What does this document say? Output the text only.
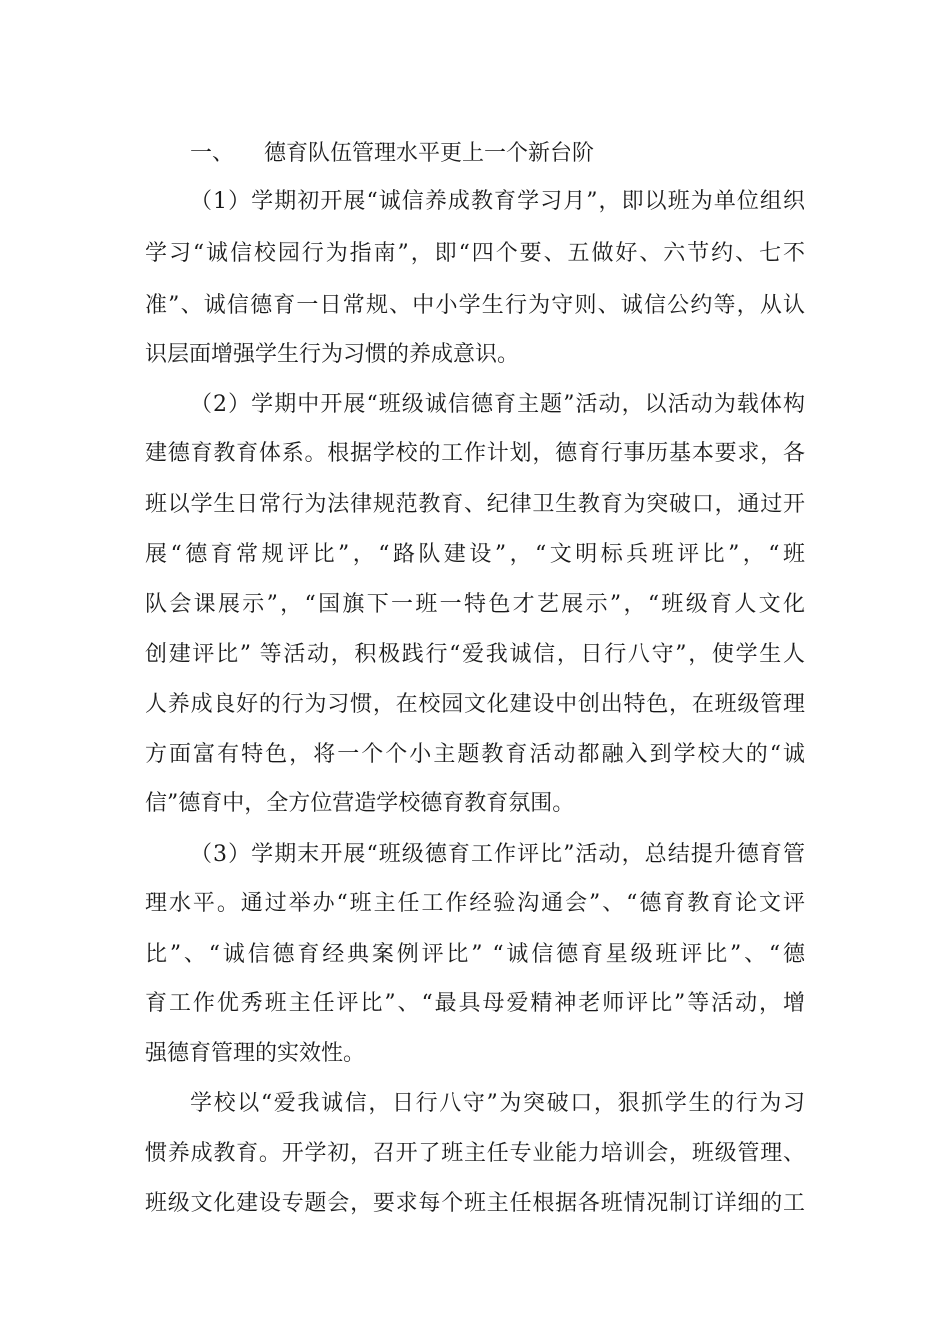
一、 德育队伍管理水平更上一个新台阶
（1）学期初开展“诚信养成教育学习月”，即以班为单位组织
学习“诚信校园行为指南”，即“四个要、五做好、六节约、七不
准”、诚信德育一日常规、中小学生行为守则、诚信公约等，从认
识层面增强学生行为习惯的养成意识。
（2）学期中开展“班级诚信德育主题”活动，以活动为载体构
建德育教育体系。根据学校的工作计划，德育行事历基本要求，各
班以学生日常行为法律规范教育、纪律卫生教育为突破口，通过开
展“德育常规评比”，“路队建设”，“文明标兵班评比”，“班
队会课展示”，“国旗下一班一特色才艺展示”，“班级育人文化
创建评比” 等活动，积极践行“爱我诚信，日行八守”，使学生人
人养成良好的行为习惯，在校园文化建设中创出特色，在班级管理
方面富有特色，将一个个小主题教育活动都融入到学校大的“诚
信”德育中，全方位营造学校德育教育氛围。
（3）学期末开展“班级德育工作评比”活动，总结提升德育管
理水平。通过举办“班主任工作经验沟通会”、“德育教育论文评
比”、“诚信德育经典案例评比” “诚信德育星级班评比”、“德
育工作优秀班主任评比”、“最具母爱精神老师评比”等活动，增
强德育管理的实效性。
学校以“爱我诚信，日行八守”为突破口，狠抓学生的行为习
惯养成教育。开学初，召开了班主任专业能力培训会，班级管理、
班级文化建设专题会，要求每个班主任根据各班情况制订详细的工
